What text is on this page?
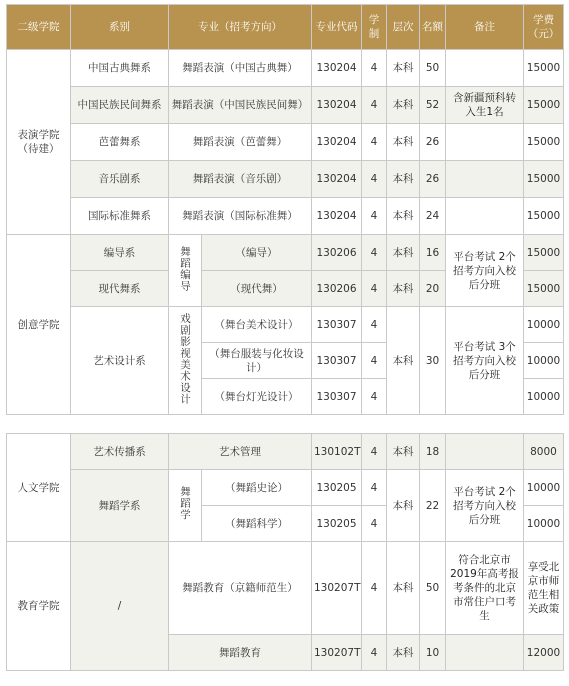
二级学院	系别	专业（招考方向）		专业代码	学制	层次	名额	备注	学费（元）
表演学院（待建）	中国古典舞系	舞蹈表演（中国古典舞）		130204	4	本科	50		15000
	中国民族民间舞系	舞蹈表演（中国民族民间舞）		130204	4	本科	52	含新疆预科转入生1名	15000
	芭蕾舞系	舞蹈表演（芭蕾舞）		130204	4	本科	26		15000
	音乐剧系	舞蹈表演（音乐剧）		130204	4	本科	26		15000
	国际标准舞系	舞蹈表演（国际标准舞）		130204	4	本科	24		15000
创意学院	编导系	舞蹈编导	（编导）	130206	4	本科	16	平台考试 2个招考方向入校后分班	15000
	现代舞系		（现代舞）	130206	4	本科	20		15000
	艺术设计系	戏剧影视美术设计	（舞台美术设计）	130307	4	本科	30	平台考试 3个招考方向入校后分班	10000
			（舞台服装与化妆设计）	130307	4				10000
			（舞台灯光设计）	130307	4				10000
人文学院	艺术传播系	艺术管理		130102T	4	本科	18		8000
	舞蹈学系	舞蹈学	（舞蹈史论）	130205	4	本科	22	平台考试 2个招考方向入校后分班	10000
			（舞蹈科学）	130205	4				10000
教育学院	/	舞蹈教育（京籍师范生）		130207T	4	本科	50	符合北京市2019年高考报考条件的北京市常住户口考生	享受北京市师范生相关政策
		舞蹈教育		130207T	4	本科	10		12000
